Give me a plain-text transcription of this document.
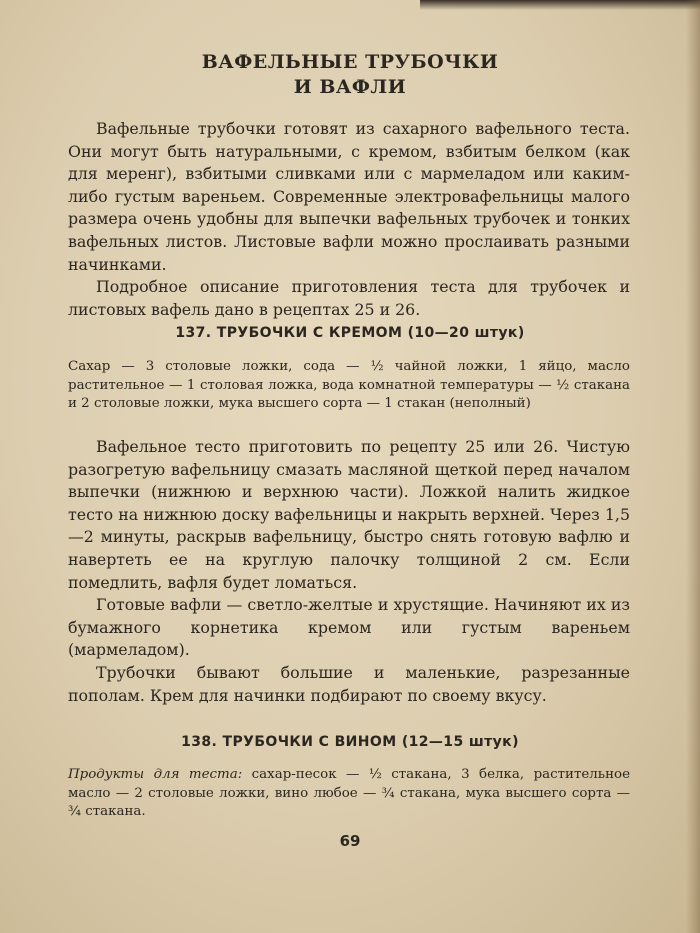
ВАФЕЛЬНЫЕ ТРУБОЧКИ
И ВАФЛИ

Вафельные трубочки готовят из сахарного вафельного теста. Они могут быть натуральными, с кремом, взбитым белком (как для меренг), взбитыми сливками или с мармеладом или каким-либо густым вареньем. Современные электровафельницы малого размера очень удобны для выпечки вафельных трубочек и тонких вафельных листов. Листовые вафли можно прослаивать разными начинками.

Подробное описание приготовления теста для трубочек и листовых вафель дано в рецептах 25 и 26.

137. ТРУБОЧКИ С КРЕМОМ (10—20 штук)
Сахар — 3 столовые ложки, сода — ½ чайной ложки, 1 яйцо, масло растительное — 1 столовая ложка, вода комнатной температуры — ½ стакана и 2 столовые ложки, мука высшего сорта — 1 стакан (неполный)

Вафельное тесто приготовить по рецепту 25 или 26. Чистую разогретую вафельницу смазать масляной щеткой перед началом выпечки (нижнюю и верхнюю части). Ложкой налить жидкое тесто на нижнюю доску вафельницы и накрыть верхней. Через 1,5—2 минуты, раскрыв вафельницу, быстро снять готовую вафлю и навертеть ее на круглую палочку толщиной 2 см. Если помедлить, вафля будет ломаться.

Готовые вафли — светло-желтые и хрустящие. Начиняют их из бумажного корнетика кремом или густым вареньем (мармеладом).

Трубочки бывают большие и маленькие, разрезанные пополам. Крем для начинки подбирают по своему вкусу.

138. ТРУБОЧКИ С ВИНОМ (12—15 штук)
Продукты для теста: сахар-песок — ½ стакана, 3 белка, растительное масло — 2 столовые ложки, вино любое — ¾ стакана, мука высшего сорта — ¾ стакана.
69
